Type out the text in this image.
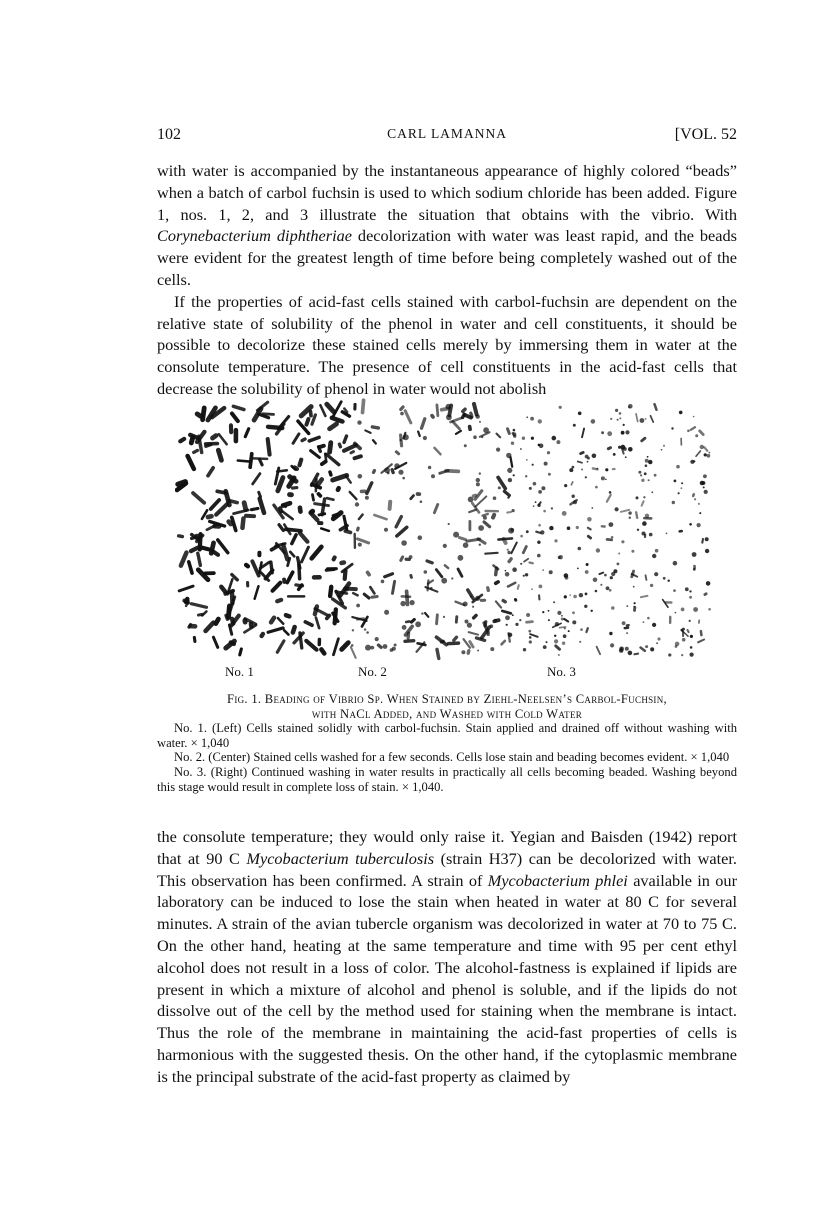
102	CARL LAMANNA	[VOL. 52

with water is accompanied by the instantaneous appearance of highly colored “beads” when a batch of carbol fuchsin is used to which sodium chloride has been added. Figure 1, nos. 1, 2, and 3 illustrate the situation that obtains with the vibrio. With Corynebacterium diphtheriae decolorization with water was least rapid, and the beads were evident for the greatest length of time before being completely washed out of the cells.

If the properties of acid-fast cells stained with carbol-fuchsin are dependent on the relative state of solubility of the phenol in water and cell constituents, it should be possible to decolorize these stained cells merely by immersing them in water at the consolute temperature. The presence of cell constituents in the acid-fast cells that decrease the solubility of phenol in water would not abolish

No. 1	No. 2	No. 3
Fig. 1. Beading of Vibrio Sp. When Stained by Ziehl-Neelsen’s Carbol-Fuchsin,
with NaCl Added, and Washed with Cold Water
No. 1. (Left) Cells stained solidly with carbol-fuchsin. Stain applied and drained off without washing with water. × 1,040
No. 2. (Center) Stained cells washed for a few seconds. Cells lose stain and beading becomes evident. × 1,040
No. 3. (Right) Continued washing in water results in practically all cells becoming beaded. Washing beyond this stage would result in complete loss of stain. × 1,040.

the consolute temperature; they would only raise it. Yegian and Baisden (1942) report that at 90 C Mycobacterium tuberculosis (strain H37) can be decolorized with water. This observation has been confirmed. A strain of Mycobacterium phlei available in our laboratory can be induced to lose the stain when heated in water at 80 C for several minutes. A strain of the avian tubercle organism was decolorized in water at 70 to 75 C. On the other hand, heating at the same temperature and time with 95 per cent ethyl alcohol does not result in a loss of color. The alcohol-fastness is explained if lipids are present in which a mixture of alcohol and phenol is soluble, and if the lipids do not dissolve out of the cell by the method used for staining when the membrane is intact. Thus the role of the membrane in maintaining the acid-fast properties of cells is harmonious with the suggested thesis. On the other hand, if the cytoplasmic membrane is the principal substrate of the acid-fast property as claimed by
